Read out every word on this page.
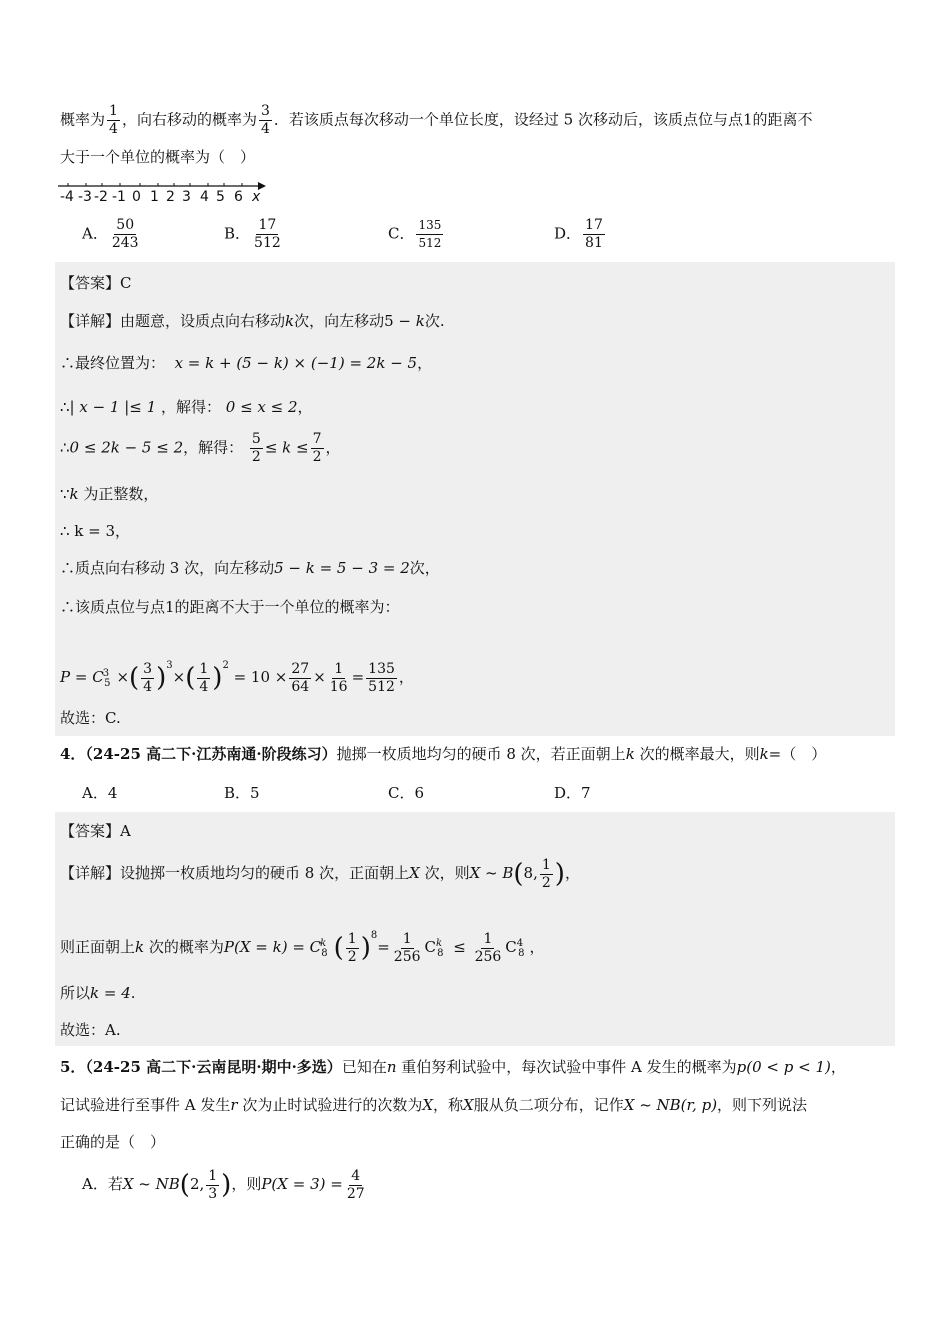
概率为 $\frac{1}{4}$ ，向右移动的概率为 $\frac{3}{4}$ ．若该质点每次移动一个单位长度，设经过 5 次移动后，该质点位与点1的距离不
大于一个单位的概率为（　）
-4 -3 -2 -1 0 1 2 3 4 5 6 x
A． $\frac{50}{243}$	B． $\frac{17}{512}$	C． $\frac{135}{512}$	D． $\frac{17}{81}$
【答案】C
【详解】由题意，设质点向右移动k次，向左移动5 − k次.
∴最终位置为： x = k + (5 − k) × (−1) = 2k − 5，
∴| x − 1 |≤ 1 ，解得： 0 ≤ x ≤ 2，
∴0 ≤ 2k − 5 ≤ 2，解得： $\frac{5}{2} \le k \le \frac{7}{2}$ ，
∵k 为正整数，
∴ k = 3，
∴质点向右移动 3 次，向左移动5 − k = 5 − 3 = 2次，
∴该质点位与点1的距离不大于一个单位的概率为：
$P = C^3_5$ ×( $\frac{3}{4} )^3\times( \frac{1}{4} )^2 = 10 \times \frac{27}{64} \times \frac{1}{16} = \frac{135}{512}$ ，
故选：C.
4．（24-25 高二下·江苏南通·阶段练习）抛掷一枚质地均匀的硬币 8 次，若正面朝上k 次的概率最大，则k=（　）
A．4	B．5	C．6	D．7
【答案】A
【详解】设抛掷一枚质地均匀的硬币 8 次，正面朝上X 次，则X ~ B(8, $\frac{1}{2}$ )，
则正面朝上k 次的概率为$P(X = k) = C^k_8$ ( $\frac{1}{2} )^8= \frac{1}{256} C^k_8 \le \frac{1}{256} C^4_8$ ，
所以k = 4.
故选：A.
5．（24-25 高二下·云南昆明·期中·多选）已知在n 重伯努利试验中，每次试验中事件 A 发生的概率为p(0 < p < 1)，
记试验进行至事件 A 发生r 次为止时试验进行的次数为X，称X服从负二项分布，记作X ~ NB(r, p)，则下列说法
正确的是（　）
A．若X ~ NB(2, $\frac{1}{3}$ )，则$P(X = 3) = \frac{4}{27}$
